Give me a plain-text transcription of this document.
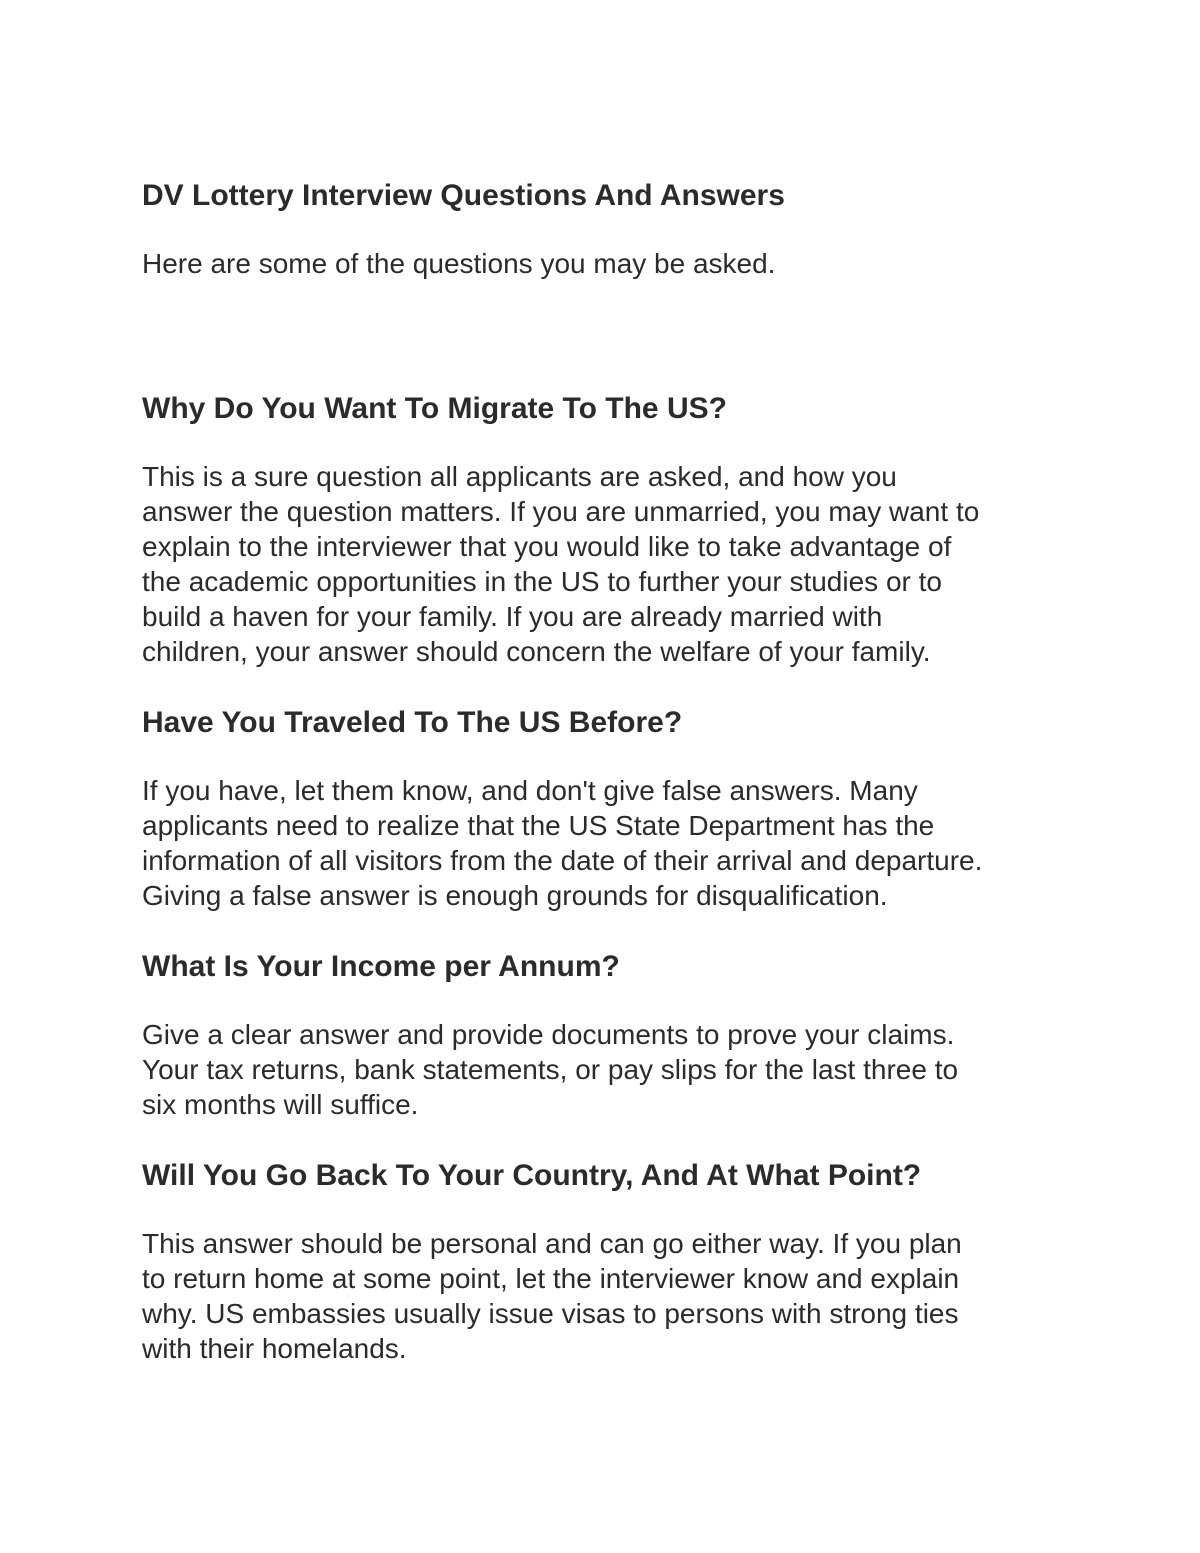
DV Lottery Interview Questions And Answers

Here are some of the questions you may be asked.

Why Do You Want To Migrate To The US?

This is a sure question all applicants are asked, and how you
answer the question matters. If you are unmarried, you may want to
explain to the interviewer that you would like to take advantage of
the academic opportunities in the US to further your studies or to
build a haven for your family. If you are already married with
children, your answer should concern the welfare of your family.

Have You Traveled To The US Before?

If you have, let them know, and don't give false answers. Many
applicants need to realize that the US State Department has the
information of all visitors from the date of their arrival and departure.
Giving a false answer is enough grounds for disqualification.

What Is Your Income per Annum?

Give a clear answer and provide documents to prove your claims.
Your tax returns, bank statements, or pay slips for the last three to
six months will suffice.

Will You Go Back To Your Country, And At What Point?

This answer should be personal and can go either way. If you plan
to return home at some point, let the interviewer know and explain
why. US embassies usually issue visas to persons with strong ties
with their homelands.
